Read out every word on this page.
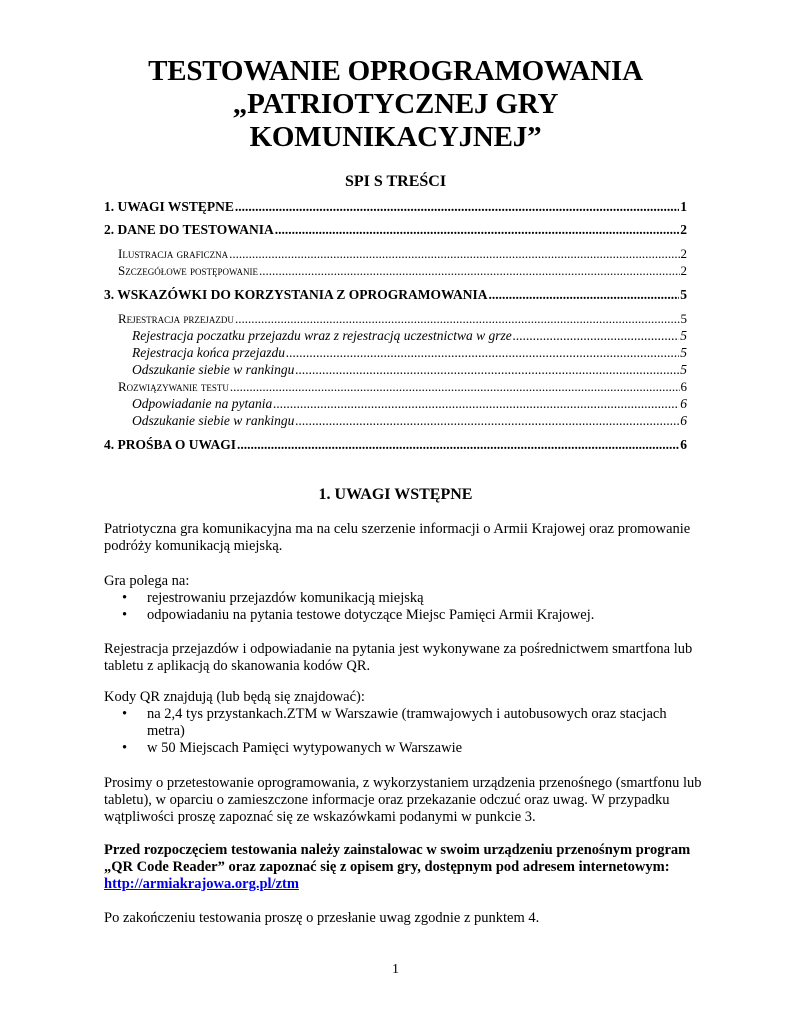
TESTOWANIE OPROGRAMOWANIA
„PATRIOTYCZNEJ GRY
KOMUNIKACYJNEJ”
SPI S TREŚCI
1. UWAGI WSTĘPNE .....	1
2. DANE DO TESTOWANIA .....	2
Ilustracja graficzna .....	2
Szczegółowe postępowanie .....	2
3. WSKAZÓWKI DO KORZYSTANIA Z OPROGRAMOWANIA .....	5
Rejestracja przejazdu .....	5
Rejestracja poczatku przejazdu wraz z rejestracją uczestnictwa w grze .....	5
Rejestracja końca przejazdu .....	5
Odszukanie siebie w rankingu .....	5
Rozwiązywanie testu .....	6
Odpowiadanie na pytania .....	6
Odszukanie siebie w rankingu .....	6
4. PROŚBA O UWAGI .....	6
1. UWAGI WSTĘPNE

Patriotyczna gra komunikacyjna ma na celu szerzenie informacji o Armii Krajowej oraz promowanie podróży komunikacją miejską.

Gra polega na:

• rejestrowaniu przejazdów komunikacją miejską
• odpowiadaniu na pytania testowe dotyczące Miejsc Pamięci Armii Krajowej.

Rejestracja przejazdów i odpowiadanie na pytania jest wykonywane za pośrednictwem smartfona lub tabletu z aplikacją do skanowania kodów QR.

Kody QR znajdują (lub będą się znajdować):

• na 2,4 tys przystankach.ZTM w Warszawie (tramwajowych i autobusowych oraz stacjach metra)
• w 50 Miejscach Pamięci wytypowanych w Warszawie

Prosimy o przetestowanie oprogramowania, z wykorzystaniem urządzenia przenośnego (smartfonu lub tabletu), w oparciu o zamieszczone informacje oraz przekazanie odczuć oraz uwag. W przypadku wątpliwości proszę zapoznać się ze wskazówkami podanymi w punkcie 3.

Przed rozpoczęciem testowania należy zainstalowac w swoim urządzeniu przenośnym program „QR Code Reader” oraz zapoznać się z opisem gry, dostępnym pod adresem internetowym:

http://armiakrajowa.org.pl/ztm

Po zakończeniu testowania proszę o przesłanie uwag zgodnie z punktem 4.

1
